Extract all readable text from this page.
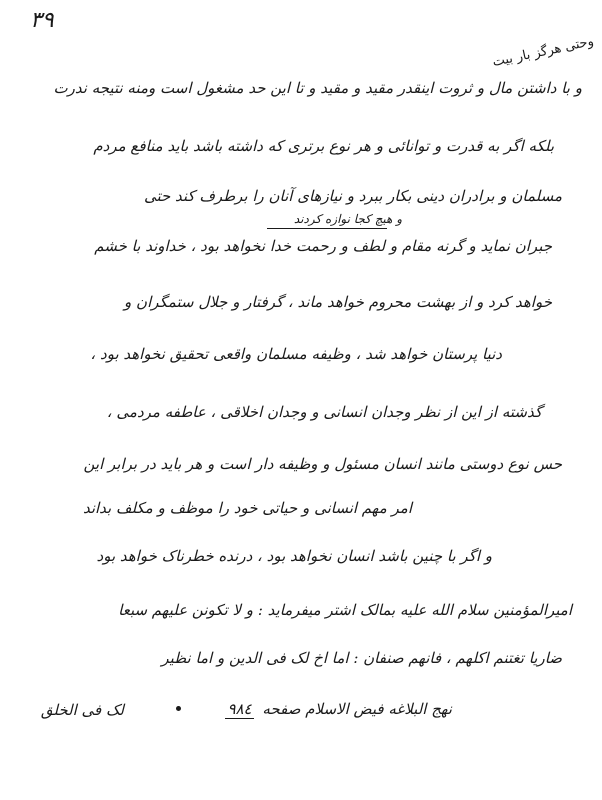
٣٩
وحتی هرگز بار بیت
و با داشتن مال و ثروت اینقدر مقید و مقید و تا این حد مشغول است ومنه نتیجه ندرت
بلکه اگر به قدرت و توانائی و هر نوع برتری که داشته باشد باید منافع مردم
مسلمان و برادران دینی بکار ببرد و نیازهای آنان را برطرف کند حتی
و هیچ کجا نوازه کردند
جبران نماید و گرنه مقام و لطف و رحمت خدا نخواهد بود ، خداوند با خشم
خواهد کرد و از بهشت محروم خواهد ماند ، گرفتار و جلال ستمگران و
دنیا پرستان خواهد شد ، وظیفه مسلمان واقعی تحقیق نخواهد بود ،
گذشته از این از نظر وجدان انسانی و وجدان اخلاقی ، عاطفه مردمی ،
حس نوع دوستی مانند انسان مسئول و وظیفه دار است و هر باید در برابر این
امر مهم انسانی و حیاتی خود را موظف و مکلف بداند
و اگر با چنین باشد انسان نخواهد بود ، درنده خطرناک خواهد بود
امیرالمؤمنین سلام الله علیه بمالک اشتر میفرماید : و لا تکونن علیهم سبعا
ضاریا تغتنم اکلهم ، فانهم صنفان : اما اخ لک فی الدین و اما نظیر
لک فی الخلق	نهج البلاغه فیض الاسلام صفحه ٩٨٤
